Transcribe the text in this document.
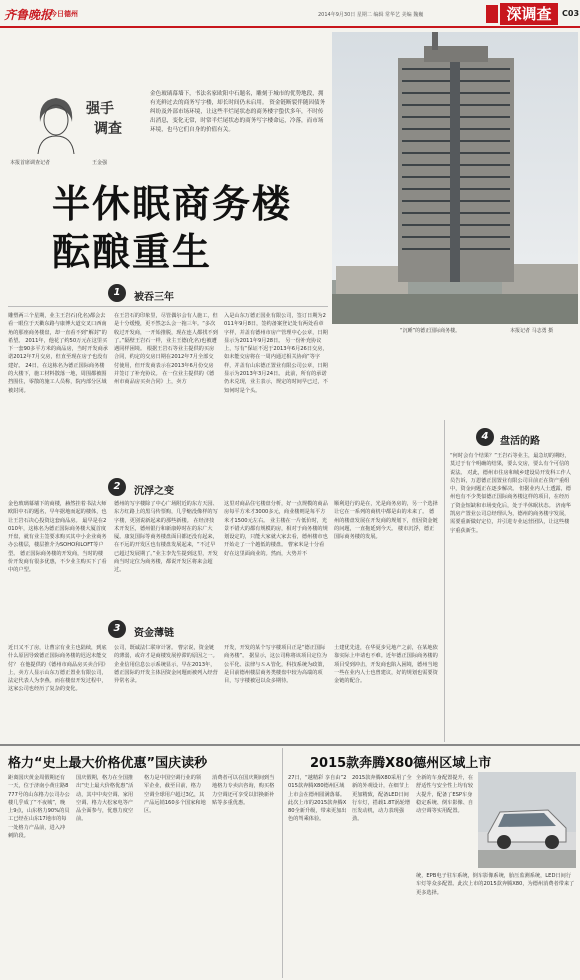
齐鲁晚报
今日德州	2014年9月30日 星期二 编辑 常华艺 美编 魏巍	深调查	C03
强手
调查
本报首席调查记者	王金强
金色玻璃幕墙下，书法名家欧阳中石题名，雕刻于城市的优势地段，拥有光鲜过去的商务写字楼，却长时间仍未启用。 资金链断裂伴随因债务纠纷及外部市场环境，让这些半烂尾状态的商务楼宇蛰伏多年，不时传出消息，变化无常，时常半烂尾状态的商务写字楼命运，冷落，而市场环境，也马它们自身的价值有关。
半休眠商务楼
酝酿重生
“沉睡”的德正国际商务楼。	本报记者 马志勇 摄
1	被吞三年
雕塑两三个星期，业主王岩石(化名)都会去看一眼位于天衢东路与康博大道交叉口西南角的那座商务楼盘，却一直看不到“解封”的希望。 2011年，他花了约50万元在这里买下一套90多平方米的商品房，当时开发商承诺2012年7月交房，但直至现在房子也没有建好。 24日，在这栋名为德正国际商务楼的大楼下，施工材料散落一地，周围都被围挡围住，零散的施工人员称，院内部分区域被封闭。
在王岩石的印象里，尽管偶尔会有人施工，但是十分缓慢，更不然怎么会一拖三年。“多次收过开发商，一开始推脱，现在连人都找不到了。”隔壁王岩石一样，业主王德(化名)也被遭遇同样困境。 根据王岩石等业主提供的买房合同，约定的交房日期在2012年7月全部交付使用，但开发商表示在2013年6月份交房并签订了补充协议。 在一位业主提供的《德州市商品房买卖合同》上，卖方
入是山东万德正国业有限公司，签订日期为2011年9月8日，签约备案登记处有两处看章字样，并盖有德州市房产管理中心公章，日期显示为2011年9月28日。 另一份补充协议上，写有“保证不迟于2013年6月26日交房，如未能交房将在一周内通过相关协商”等字样，并盖有山东德正置业有限公司公章，日期显示为2013年3月24日。 此前，所有的承诺仍未兑现，业主表示，规定的时间早已过，不知何时是个头。
2	沉浮之变
金色玻璃幕墙下的商楼，赫然挂着书法大师欧阳中石的题名，早年据地而起的楼体，也让王岩石决心投资这套商品房。 最早是在2010年，这栋名为德正国际商务楼大厦首度开盘，就有业主签要求购买其中小企业商务办公楼层，楼层推介为SOHO和LOFT等户型。 德正国际商务楼的开发商，当时的楼价开发商有很多优惠，不少业主购买下了看中的户型。
德州的写字楼除了中心广场附近的东方天园、东方红路上的黑马传票购，几乎缩没像样的写字楼，更别说新起来的那些新楼。 在经济技术开发区，德州银行和新康婷时在的东广大厦。康复国际等商务楼盘面目都还没有起来，在不远的开发区也有楼盘发展起来，“不过早已超过发展期了。”业主李先生提到这里，开发商当时定位为商务楼，都说开发区将来会超过。
这里对商品住宅楼盘分析，好一点规模的商品房每平方米才3000多元，商业楼则是每平方米才1500元左右。 业主楼在一片低价时，光景不错大的都有规模的房，相对于商务楼的规划设定的，只能大家就大家去看，德州楼市也开始走了一个越低的楼盘。 曹家米是十分看好在这里面商业的。然而，大势并不
顺利进行的是在，光是商务房的，另一个选择让它在一系列的商机中都是由的未来了。 德州的楼盘发展在开发商的规划下，但因资金链的问题，一直拖延到今天。 楼市沉浮，德正国际商务楼的发展。
3	资金薄链
近日又不了房，让曹宗有业主也陆续，到底什么原因导致德正国际商务楼的迟迟未能交付？ 在他提供的《德州市商品房买卖合同》上，卖方人显示山东万德正置业有限公司，法定代表人为李燕。而在楼盘开发过程中，这家公司也经历了复杂的变化。
公司，既诚法仁联审计署。 曹宗说，资金链的薄弱，或许才是商楼发展停滞的原因之一。 企业信用信息公示系统显示，早在2013年，德正国际的开发主体因资金问题而被列入经营异常名录。
开发，开发的某个写字楼项目正是“德正国际商务楼”。 据显示，这公司称将该项目定位为公平化、法律与ＳＡ管化，科技系统为政策，是目前德州楼层商务类楼盘中较为高端的项目，写字楼被冠以众多期待。
土建优先进，在华夏步兄地产之前，在某地依靠实际上申请也不难。近年德正国际商务楼的项目受到冲击，开发商也陷入困境，德州当地一些在业内人士也曾建议，好的规划也需要资金链的配合。
4	盘活的路
“何时会有个结果？”王岩石等业主，最急切的期盼，莫过于有个明确的结果，要么交房，要么有个可信的说法。 对此，德州市住房和城乡建设局开发科工作人员告诉，万恩德正国置业有限公司目前正在资产重组中，资金问题正在逐步解决。 但据业内人士透露，德州也有不少类似德正国际商务楼这样的项目，在经历了资金短缺和市场变化后，处于半休眠状态。 济南华凯房产置业公司总经理认为，德州的商务楼宇发展，需要重新做好定位，并引进专业运营团队，让这些楼宇重获新生。
格力“史上最大价格优惠”国庆读秒
距离国庆黄金周假期还有一天，位于济南小黄庄路8777号的山东格力公司办公楼几乎成了“不夜城”，晚上9点，山东格力90%的员工已经在山东17地市的每一处格力产品前，进入冲刺阶段。
国庆假期，格力在全国推出“史上最大价格优惠”活动，其中中央空调、家用空调、格力大松家电等产品全面参与，优惠力度空前。
格力是中国空调行业的领军企业，截至目前，格力空调全球用户超过3亿，其产品远销160多个国家和地区。
消费者可以在国庆期间到当地格力专卖店咨询，购买格力空调还可享受以旧换新补贴等多重优惠。
2015款奔腾X80德州区域上市
27日，“越精彩 享自由”2015款奔腾X80德州区域上市会在德州圆满落幕。此次上市的2015款奔腾X80全新升级，带来更加出色的驾乘体验。
2015款奔腾X80采用了全新的外观设计，在细节上更加精致，配备LED日间行车灯，搭载1.8T涡轮增压发动机，动力表现强劲。
全新的车身配置提升，在舒适性与安全性上均有较大提升，配备了ESP车身稳定系统、倒车影像、自动空调等实用配置。
统，EPB电子驻车系统，倒车影像系统，胎压监测系统，LED日间行车灯等众多配置。此次上市的2015款奔腾X80，为德州消费者带来了更多选择。
